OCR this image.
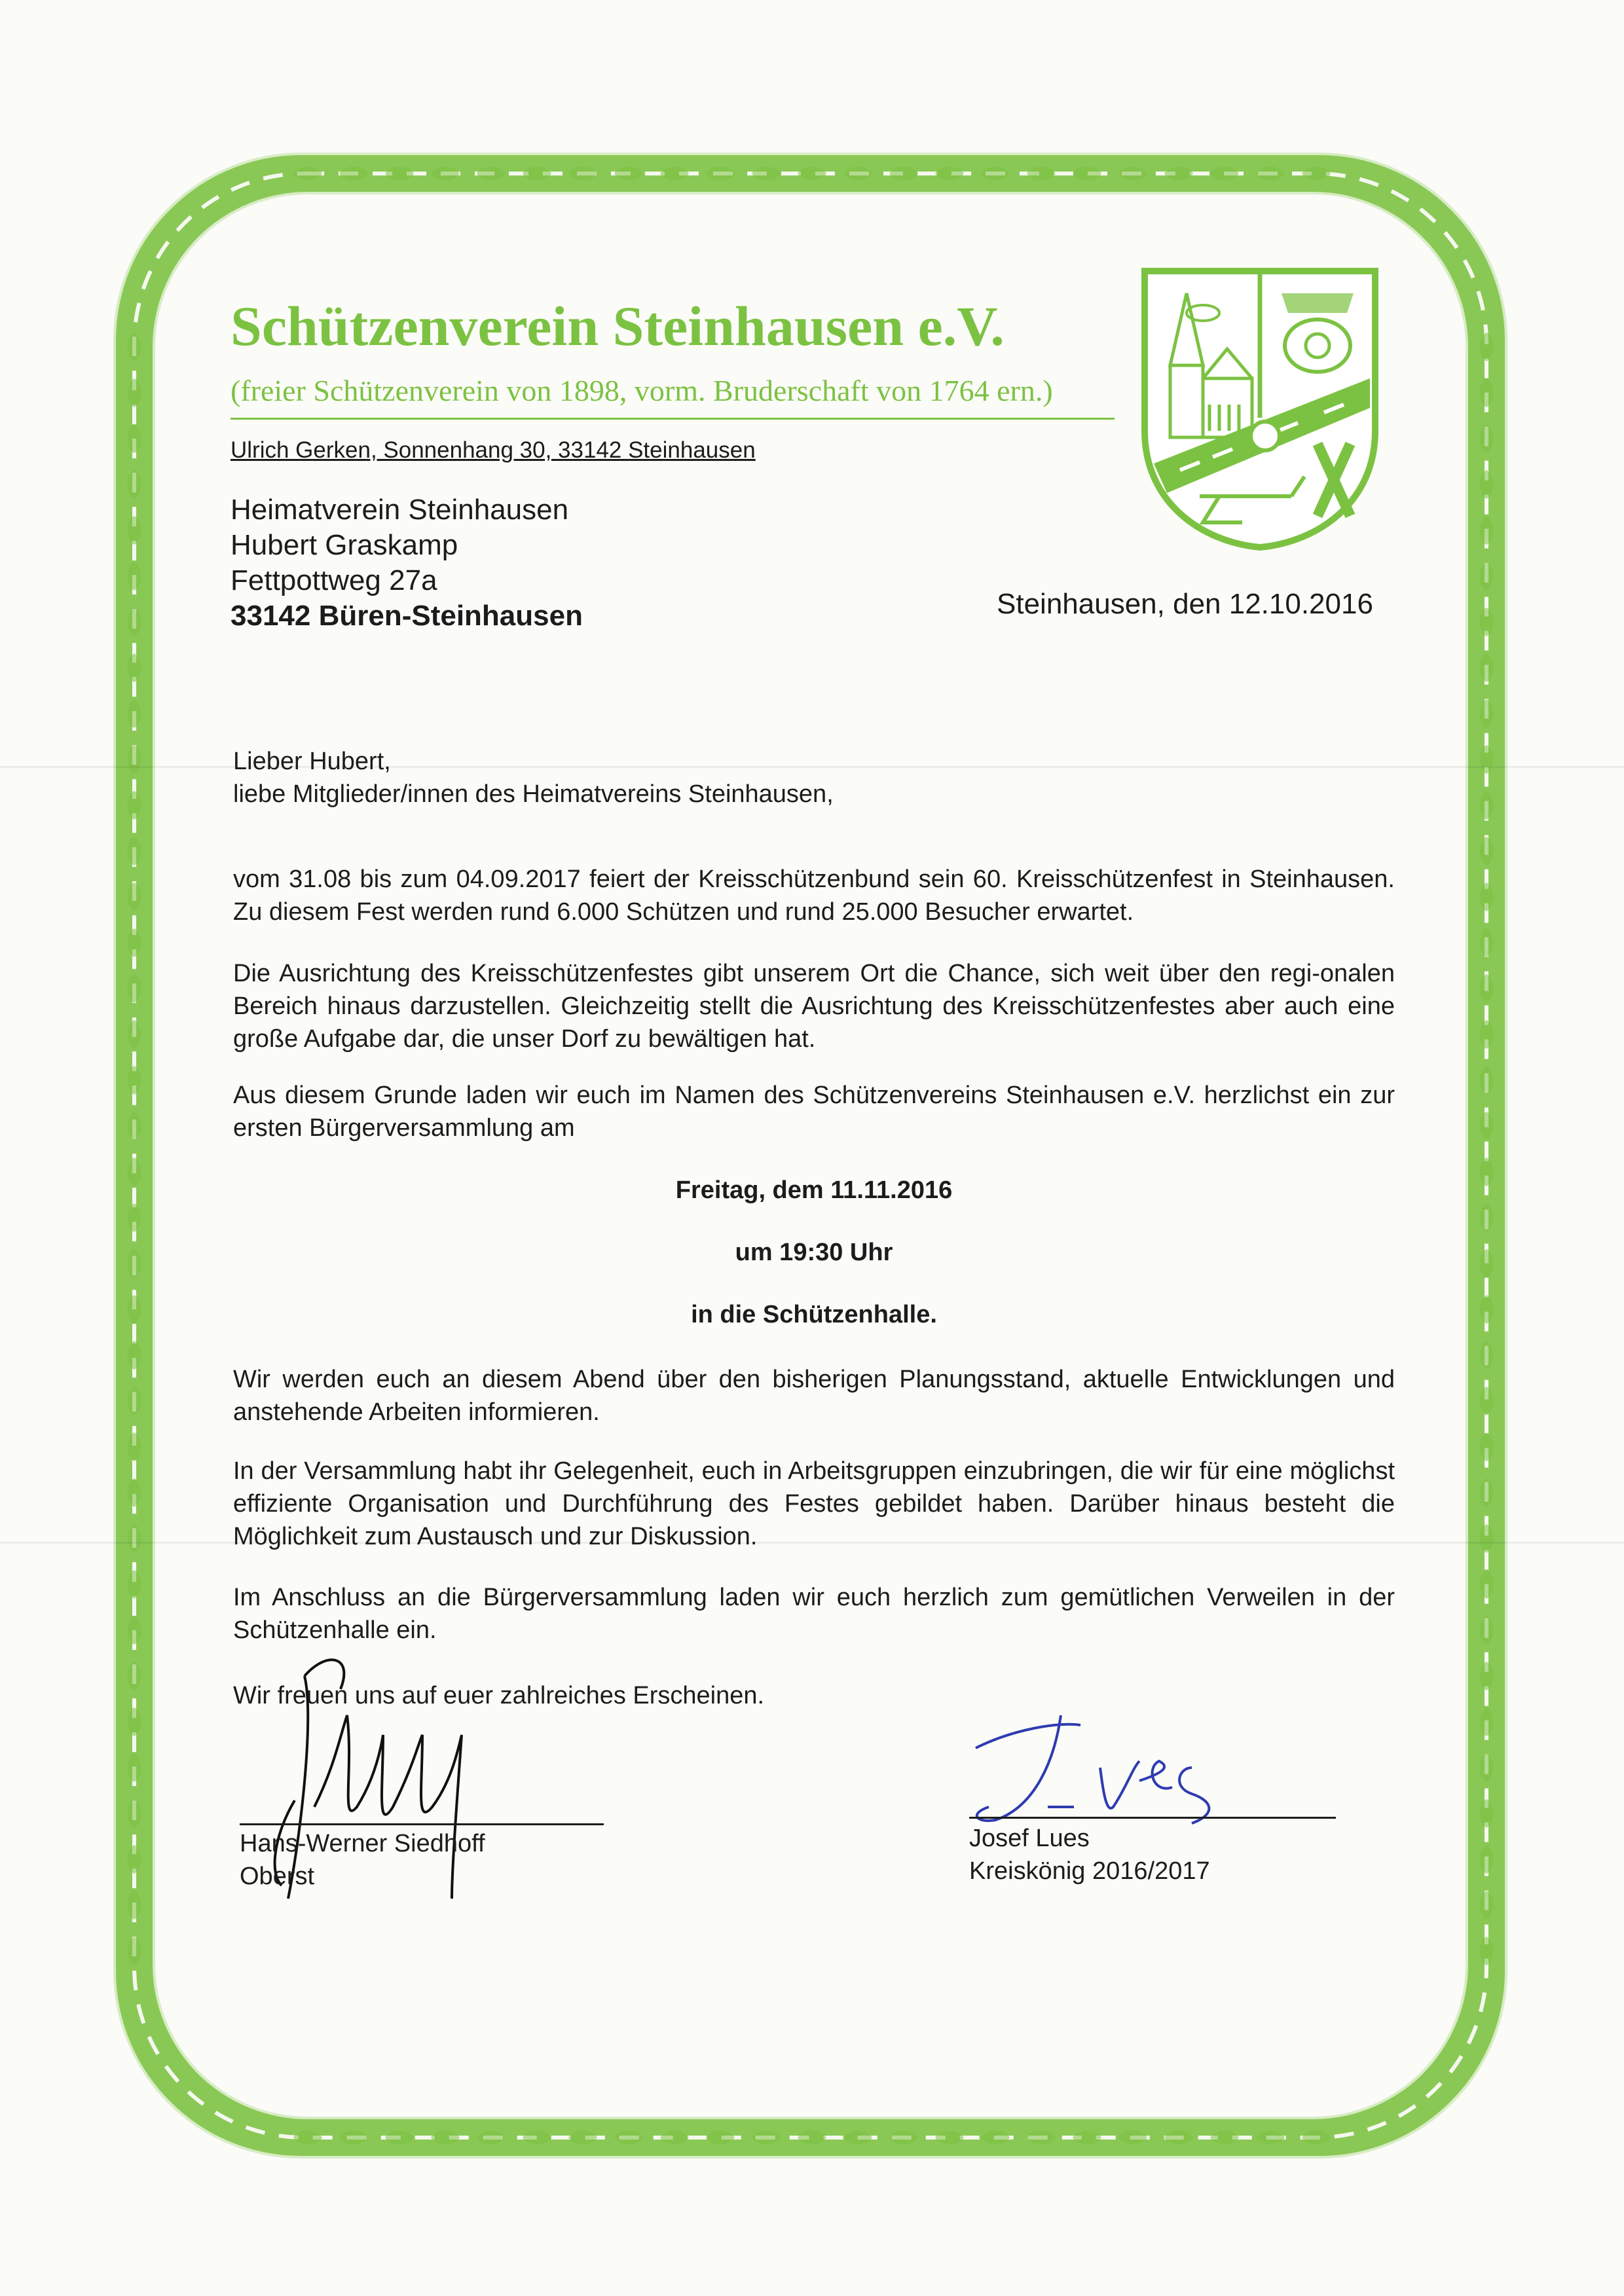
Schützenverein Steinhausen e.V.
(freier Schützenverein von 1898, vorm. Bruderschaft von 1764 ern.)
Ulrich Gerken, Sonnenhang 30, 33142 Steinhausen
Heimatverein Steinhausen
Hubert Graskamp
Fettpottweg 27a
33142 Büren-Steinhausen	Steinhausen, den 12.10.2016
Lieber Hubert,
liebe Mitglieder/innen des Heimatvereins Steinhausen,
vom 31.08 bis zum 04.09.2017 feiert der Kreisschützenbund sein 60. Kreisschützenfest in Steinhausen. Zu diesem Fest werden rund 6.000 Schützen und rund 25.000 Besucher erwartet.
Die Ausrichtung des Kreisschützenfestes gibt unserem Ort die Chance, sich weit über den regi-onalen Bereich hinaus darzustellen. Gleichzeitig stellt die Ausrichtung des Kreisschützenfestes aber auch eine große Aufgabe dar, die unser Dorf zu bewältigen hat.
Aus diesem Grunde laden wir euch im Namen des Schützenvereins Steinhausen e.V. herzlichst ein zur ersten Bürgerversammlung am
Freitag, dem 11.11.2016
um 19:30 Uhr
in die Schützenhalle.
Wir werden euch an diesem Abend über den bisherigen Planungsstand, aktuelle Entwicklungen und anstehende Arbeiten informieren.
In der Versammlung habt ihr Gelegenheit, euch in Arbeitsgruppen einzubringen, die wir für eine möglichst effiziente Organisation und Durchführung des Festes gebildet haben. Darüber hinaus besteht die Möglichkeit zum Austausch und zur Diskussion.
Im Anschluss an die Bürgerversammlung laden wir euch herzlich zum gemütlichen Verweilen in der Schützenhalle ein.
Wir freuen uns auf euer zahlreiches Erscheinen.
Hans-Werner Siedhoff
Oberst
Josef Lues
Kreiskönig 2016/2017
